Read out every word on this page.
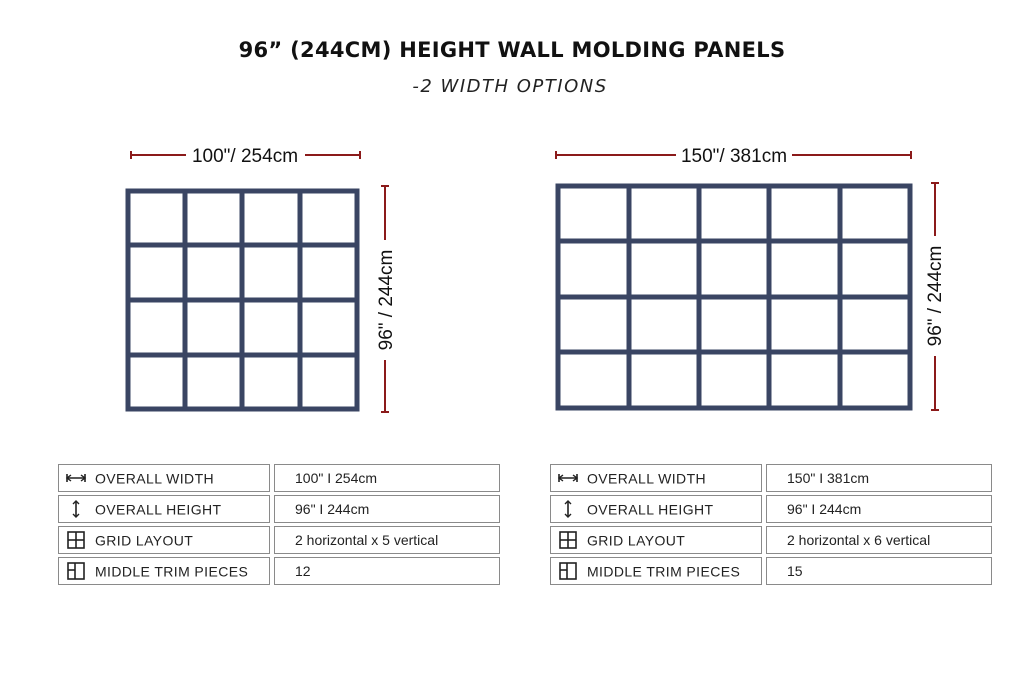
96” (244CM) HEIGHT WALL MOLDING PANELS
-2 WIDTH OPTIONS
100"/ 254cm
96" / 244cm
150"/ 381cm
96" / 244cm
OVERALL WIDTH	100" I 254cm

OVERALL HEIGHT	96" I 244cm

GRID LAYOUT	2 horizontal x 5 vertical

MIDDLE TRIM PIECES	12
OVERALL WIDTH	150" I 381cm

OVERALL HEIGHT	96" I 244cm

GRID LAYOUT	2 horizontal x 6 vertical

MIDDLE TRIM PIECES	15
